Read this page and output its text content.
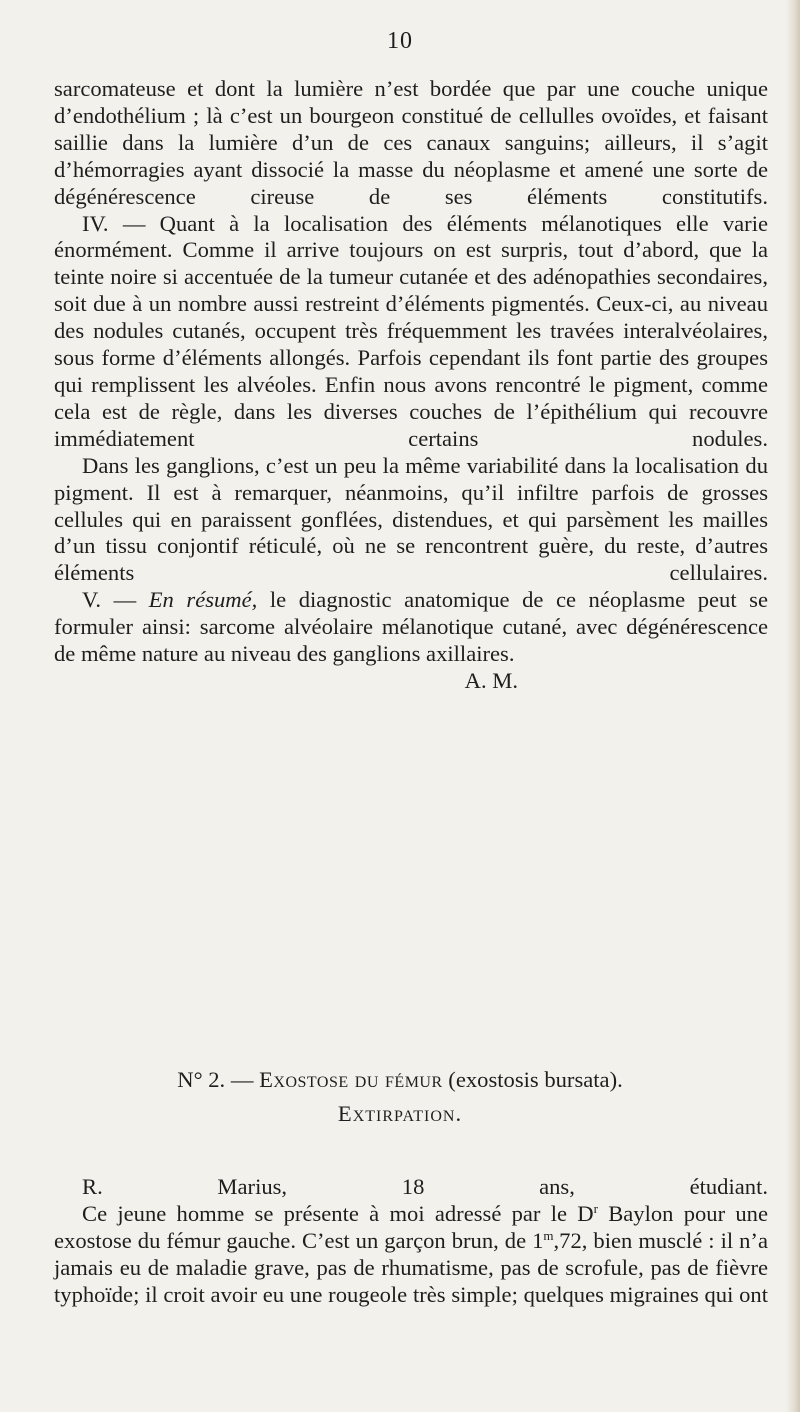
10

sarcomateuse et dont la lumière n’est bordée que par une couche unique d’endothélium ; là c’est un bourgeon constitué de cellulles ovoïdes, et faisant saillie dans la lumière d’un de ces canaux sanguins; ailleurs, il s’agit d’hémorragies ayant dissocié la masse du néoplasme et amené une sorte de dégénérescence cireuse de ses éléments constitutifs.

IV. — Quant à la localisation des éléments mélanotiques elle varie énormément. Comme il arrive toujours on est surpris, tout d’abord, que la teinte noire si accentuée de la tumeur cutanée et des adénopathies secondaires, soit due à un nombre aussi restreint d’éléments pigmentés. Ceux-ci, au niveau des nodules cutanés, occupent très fréquemment les travées interalvéolaires, sous forme d’éléments allongés. Parfois cependant ils font partie des groupes qui remplissent les alvéoles. Enfin nous avons rencontré le pigment, comme cela est de règle, dans les diverses couches de l’épithélium qui recouvre immédiatement certains nodules.

Dans les ganglions, c’est un peu la même variabilité dans la localisation du pigment. Il est à remarquer, néanmoins, qu’il infiltre parfois de grosses cellules qui en paraissent gonflées, distendues, et qui parsèment les mailles d’un tissu conjontif réticulé, où ne se rencontrent guère, du reste, d’autres éléments cellulaires.

V. — En résumé, le diagnostic anatomique de ce néoplasme peut se formuler ainsi: sarcome alvéolaire mélanotique cutané, avec dégénérescence de même nature au niveau des ganglions axillaires.
A. M.

N° 2. — Exostose du fémur (exostosis bursata).
Extirpation.

R. Marius, 18 ans, étudiant.

Ce jeune homme se présente à moi adressé par le $D^r$ Baylon pour une exostose du fémur gauche. C’est un garçon brun, de 1$^m$,72, bien musclé : il n’a jamais eu de maladie grave, pas de rhumatisme, pas de scrofule, pas de fièvre typhoïde; il croit avoir eu une rougeole très simple; quelques migraines qui ont
